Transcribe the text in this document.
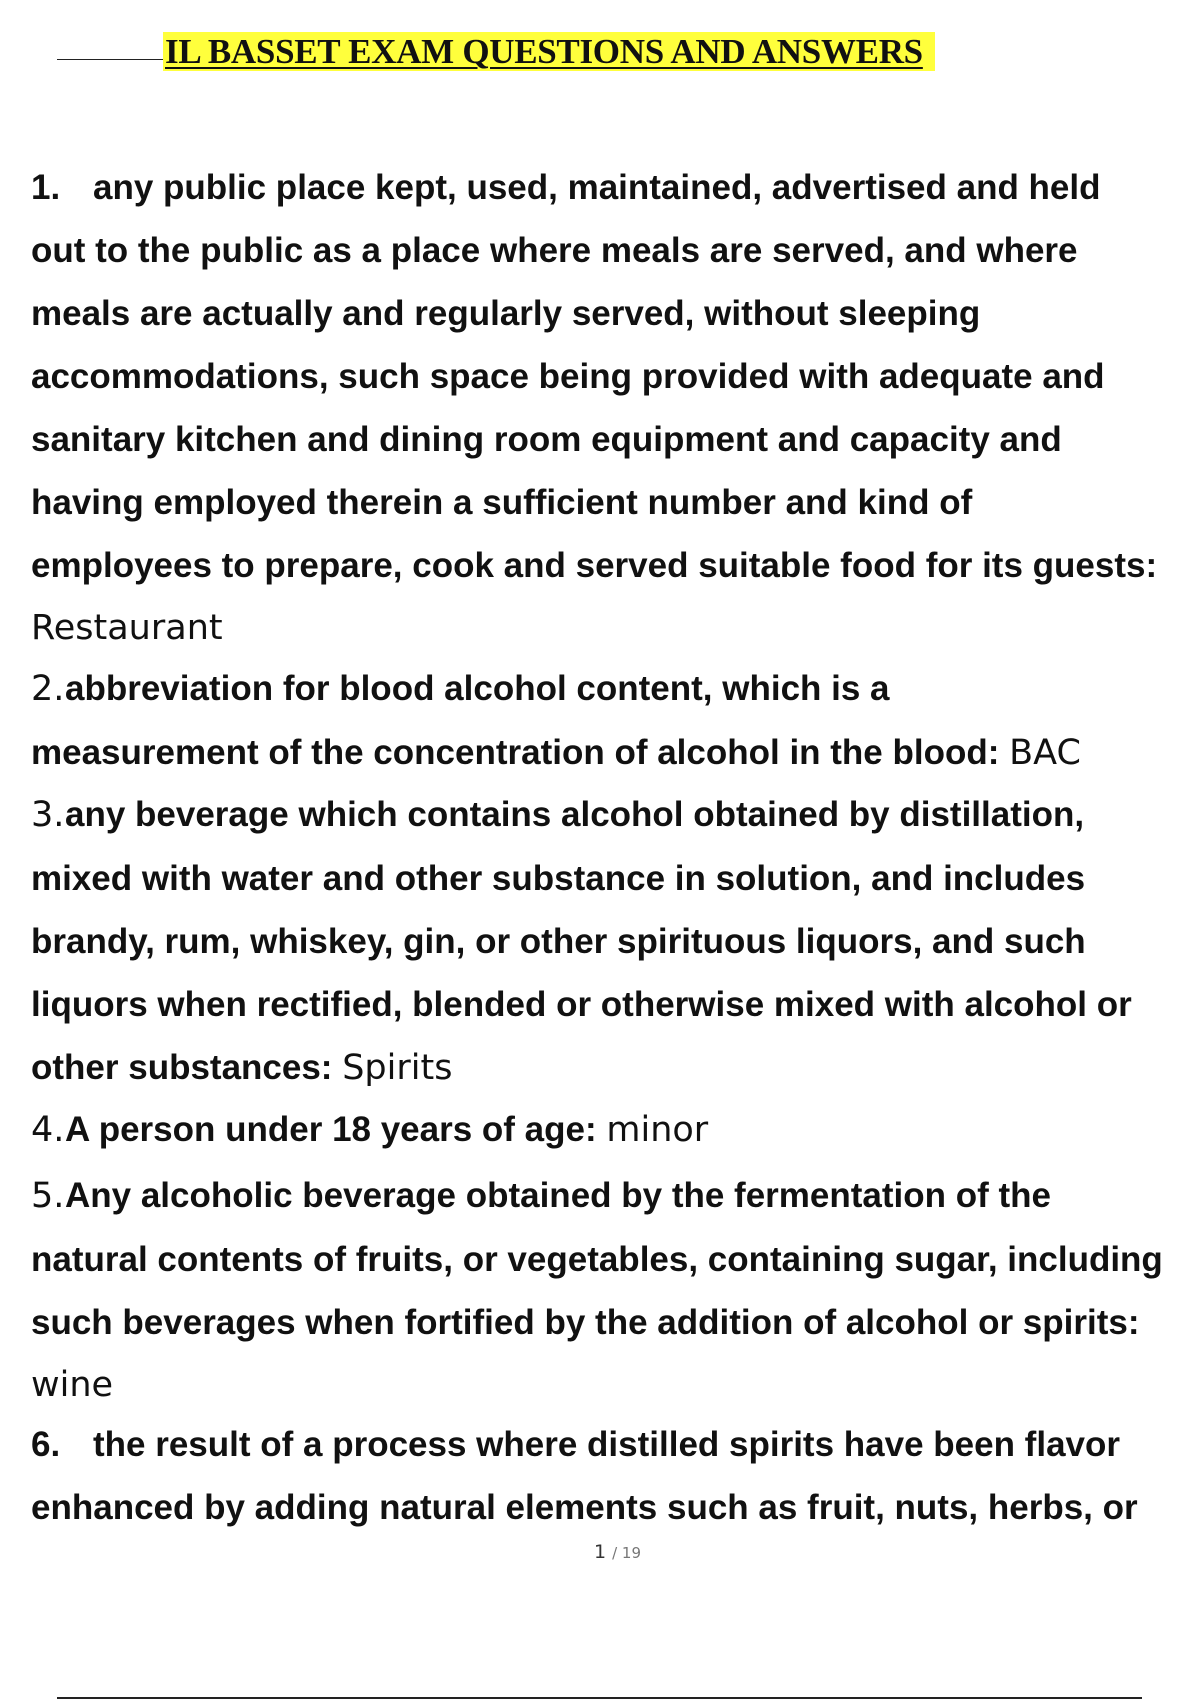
IL BASSET EXAM QUESTIONS AND ANSWERS
1. any public place kept, used, maintained, advertised and held
out to the public as a place where meals are served, and where
meals are actually and regularly served, without sleeping
accommodations, such space being provided with adequate and
sanitary kitchen and dining room equipment and capacity and
having employed therein a sufficient number and kind of
employees to prepare, cook and served suitable food for its guests:
Restaurant
2.abbreviation for blood alcohol content, which is a
measurement of the concentration of alcohol in the blood: BAC
3.any beverage which contains alcohol obtained by distillation,
mixed with water and other substance in solution, and includes
brandy, rum, whiskey, gin, or other spirituous liquors, and such
liquors when rectified, blended or otherwise mixed with alcohol or
other substances: Spirits
4.A person under 18 years of age: minor
5.Any alcoholic beverage obtained by the fermentation of the
natural contents of fruits, or vegetables, containing sugar, including
such beverages when fortified by the addition of alcohol or spirits:
wine
6. the result of a process where distilled spirits have been flavor
enhanced by adding natural elements such as fruit, nuts, herbs, or
1 / 19
